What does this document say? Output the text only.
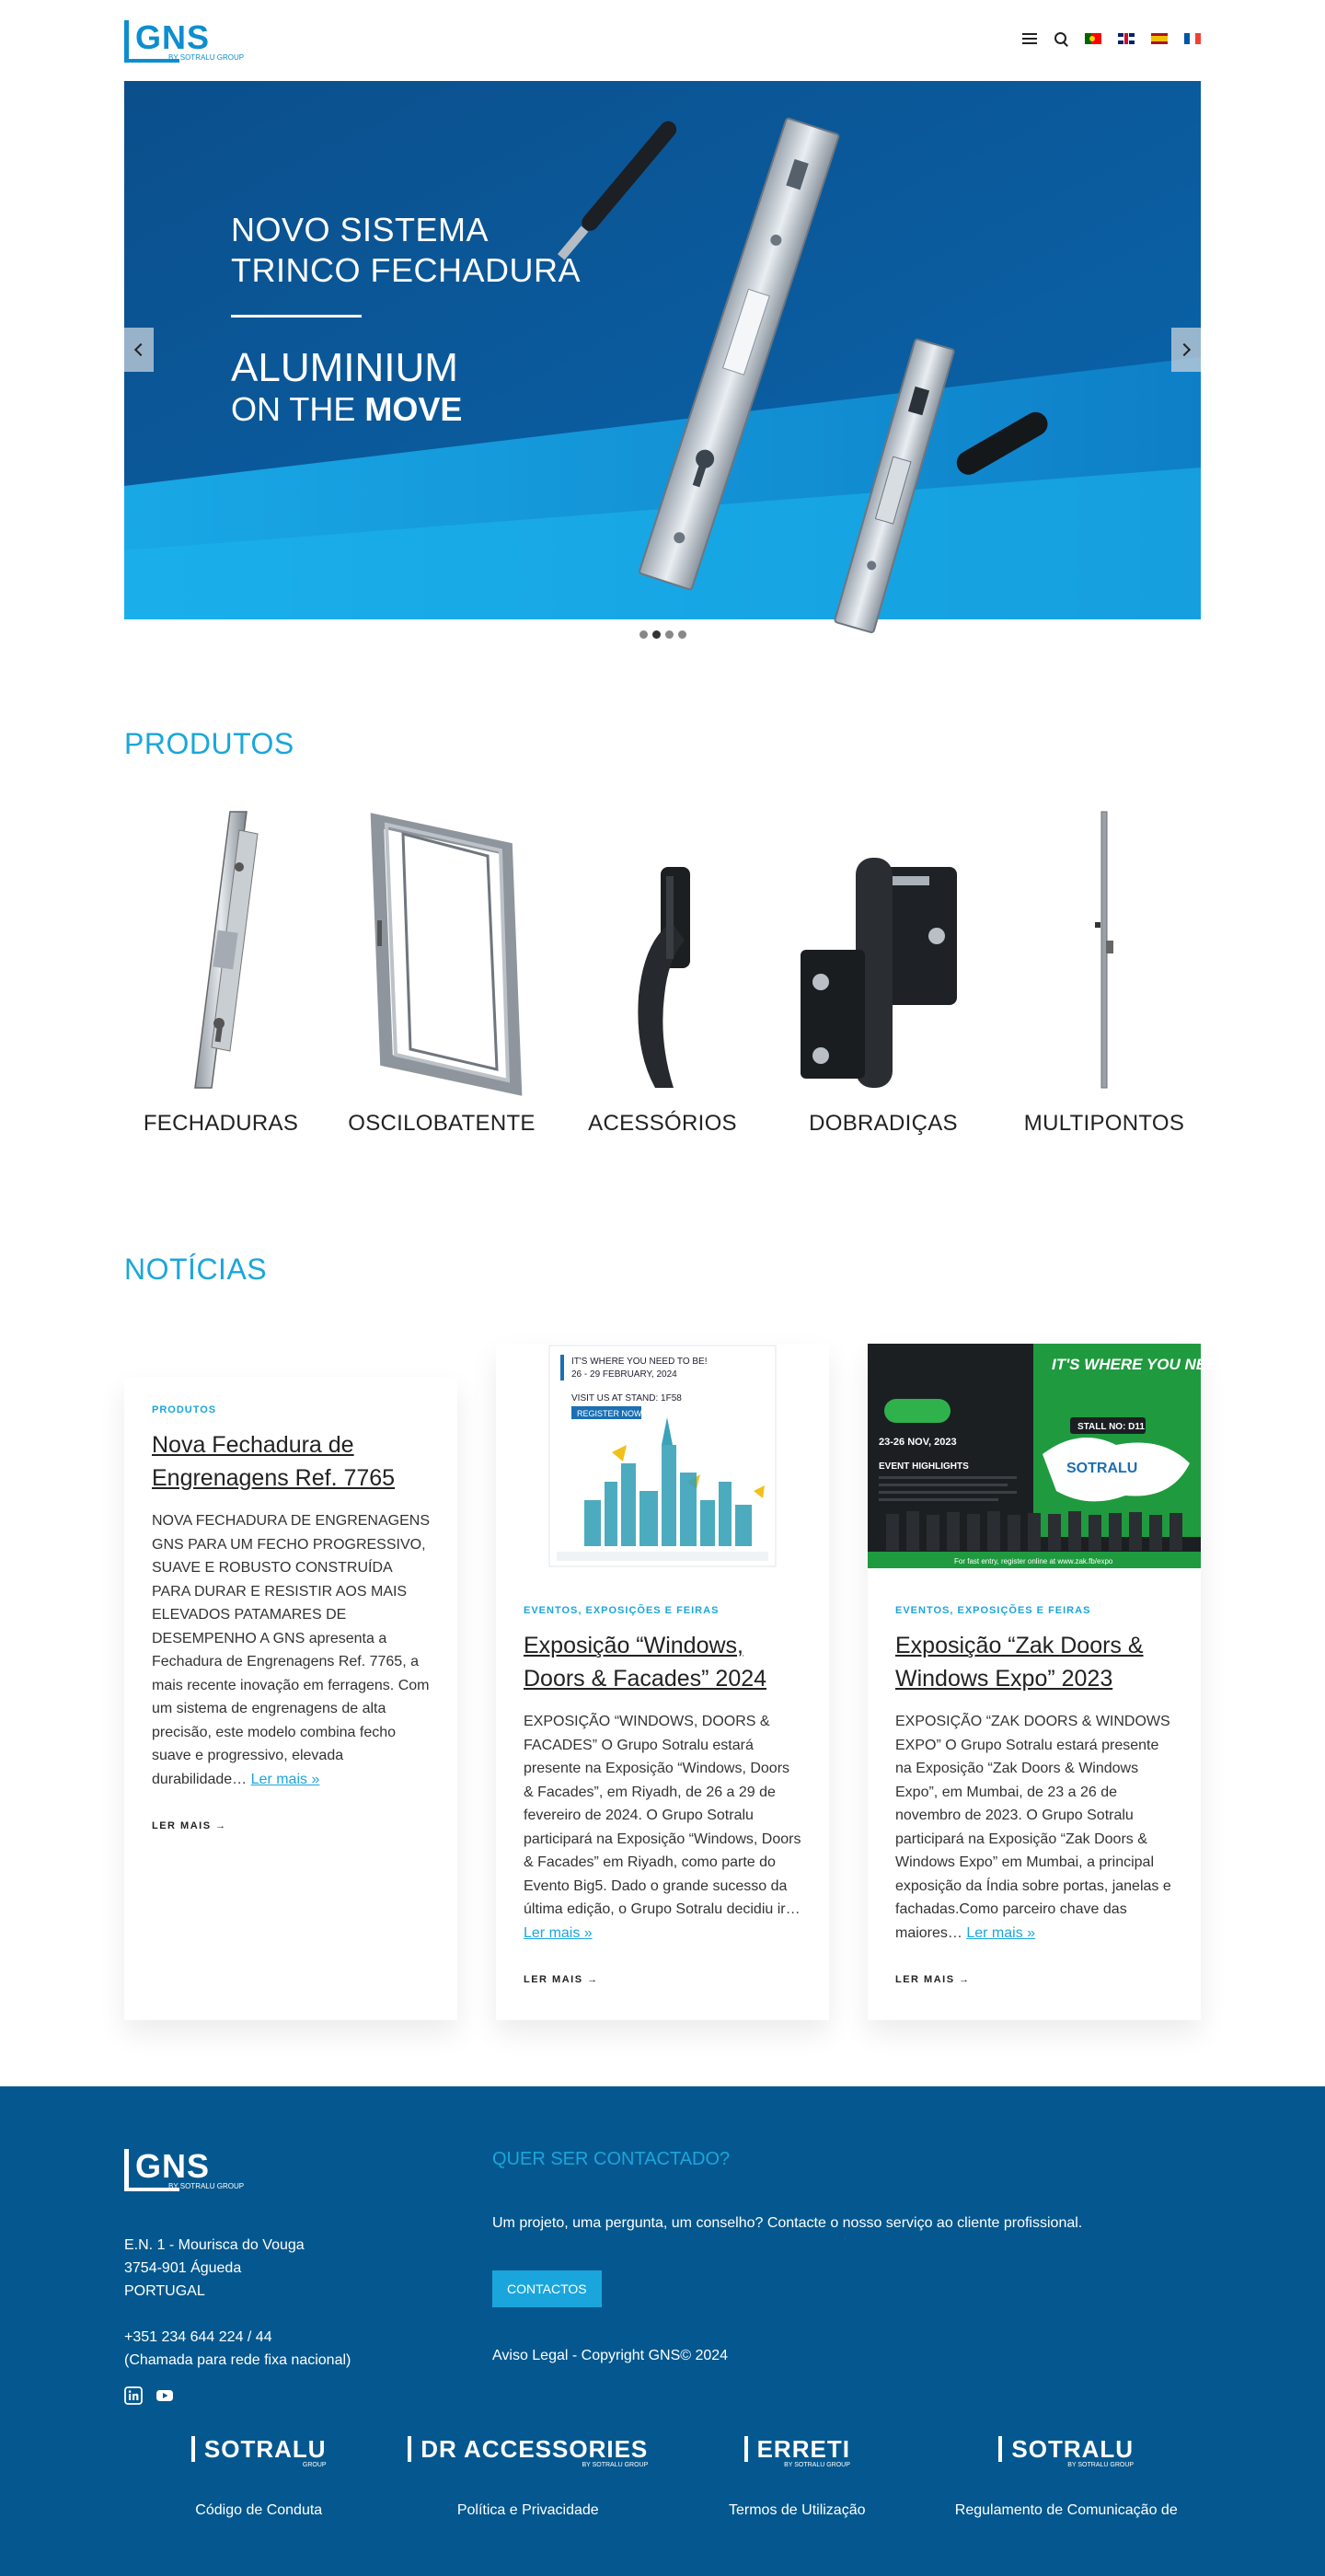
GNS
BY SOTRALU GROUP
NOVO SISTEMA
TRINCO FECHADURA
ALUMINIUM
ON THE MOVE
PRODUTOS
FECHADURAS	OSCILOBATENTE	ACESSÓRIOS	DOBRADIÇAS	MULTIPONTOS
NOTÍCIAS
PRODUTOS
Nova Fechadura de Engrenagens Ref. 7765

NOVA FECHADURA DE ENGRENAGENS GNS PARA UM FECHO PROGRESSIVO, SUAVE E ROBUSTO CONSTRUÍDA PARA DURAR E RESISTIR AOS MAIS ELEVADOS PATAMARES DE DESEMPENHO A GNS apresenta a Fechadura de Engrenagens Ref. 7765, a mais recente inovação em ferragens. Com um sistema de engrenagens de alta precisão, este modelo combina fecho suave e progressivo, elevada durabilidade… Ler mais »

LER MAIS →
IT'S WHERE YOU NEED TO BE!
26 - 29 FEBRUARY, 2024
VISIT US AT STAND: 1F58
REGISTER NOW
EVENTOS, EXPOSIÇÕES E FEIRAS
Exposição “Windows, Doors & Facades” 2024

EXPOSIÇÃO “WINDOWS, DOORS & FACADES” O Grupo Sotralu estará presente na Exposição “Windows, Doors & Facades”, em Riyadh, de 26 a 29 de fevereiro de 2024. O Grupo Sotralu participará na Exposição “Windows, Doors & Facades” em Riyadh, como parte do Evento Big5. Dado o grande sucesso da última edição, o Grupo Sotralu decidiu ir… Ler mais »

LER MAIS →
IT'S WHERE YOU NEED TO BE!
STALL NO: D11
SOTRALU
23-26 NOV, 2023
EVENT HIGHLIGHTS
For fast entry, register online at www.zak.fb/expo
EVENTOS, EXPOSIÇÕES E FEIRAS
Exposição “Zak Doors & Windows Expo” 2023

EXPOSIÇÃO “ZAK DOORS & WINDOWS EXPO” O Grupo Sotralu estará presente na Exposição “Zak Doors & Windows Expo”, em Mumbai, de 23 a 26 de novembro de 2023. O Grupo Sotralu participará na Exposição “Zak Doors & Windows Expo” em Mumbai, a principal exposição da Índia sobre portas, janelas e fachadas.Como parceiro chave das maiores… Ler mais »

LER MAIS →
GNS
BY SOTRALU GROUP
E.N. 1 - Mourisca do Vouga
3754-901 Águeda
PORTUGAL
+351 234 644 224 / 44
(Chamada para rede fixa nacional)
QUER SER CONTACTADO?
Um projeto, uma pergunta, um conselho? Contacte o nosso serviço ao cliente profissional.
CONTACTOS
Aviso Legal - Copyright GNS© 2024
SOTRALU
GROUP
Código de Conduta
DR ACCESSORIES
BY SOTRALU GROUP
Política e Privacidade
ERRETI
BY SOTRALU GROUP
Termos de Utilização
SOTRALU
BY SOTRALU GROUP
Regulamento de Comunicação de
